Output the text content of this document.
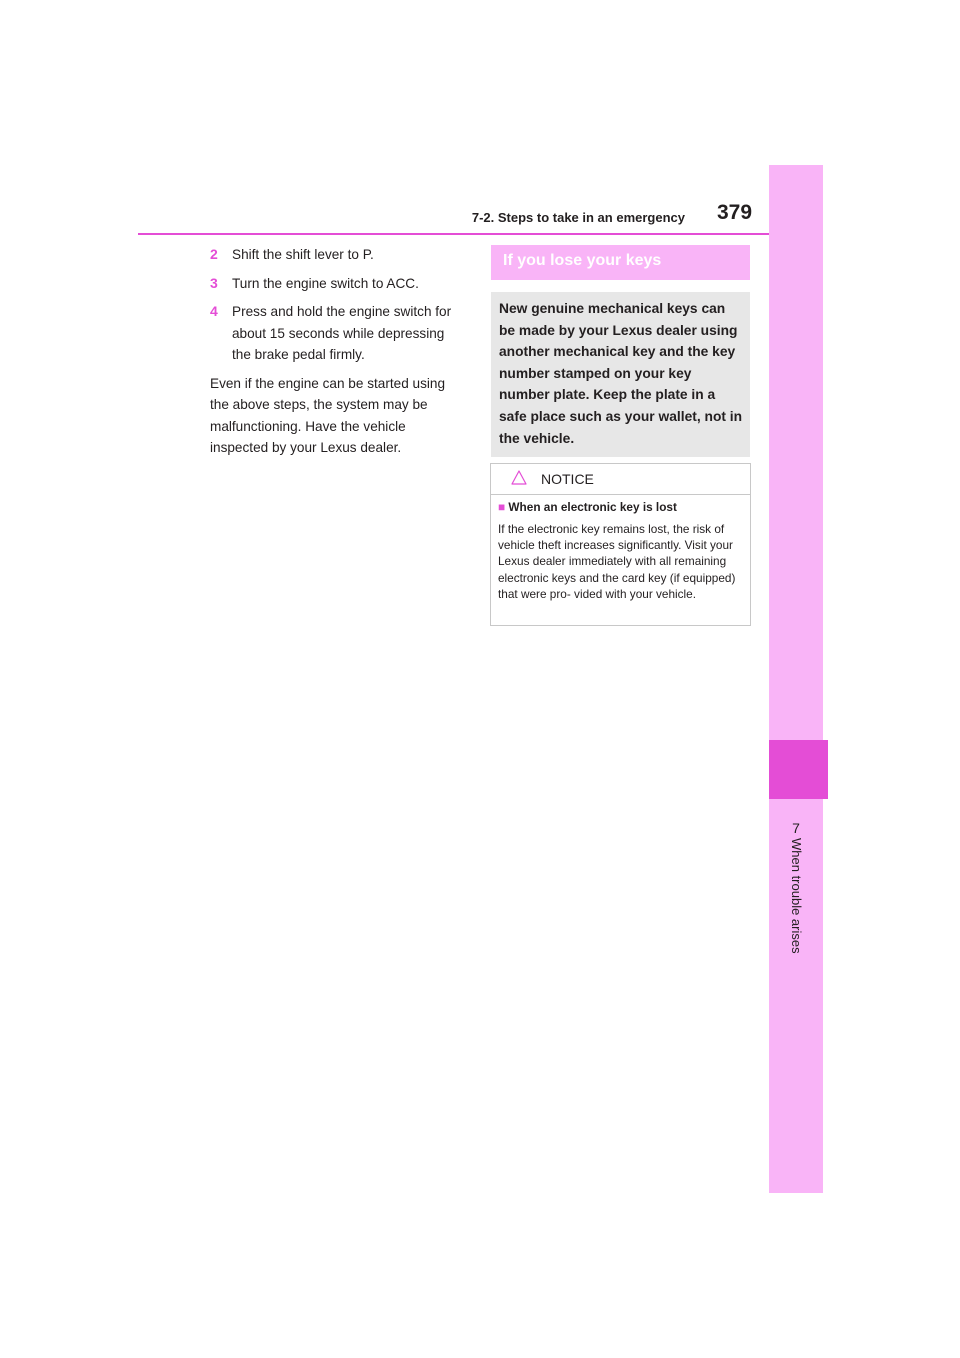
7
When trouble arises
7-2. Steps to take in an emergency 379
2 Shift the shift lever to P.
3 Turn the engine switch to ACC.
4 Press and hold the engine switch for about 15 seconds while depressing the brake pedal firmly.
Even if the engine can be started using the above steps, the system may be malfunctioning. Have the vehicle inspected by your Lexus dealer.
If you lose your keys
New genuine mechanical keys can be made by your Lexus dealer using another mechanical key and the key number stamped on your key number plate. Keep the plate in a safe place such as your wallet, not in the vehicle.
NOTICE
■ When an electronic key is lost
If the electronic key remains lost, the risk of vehicle theft increases significantly. Visit your Lexus dealer immediately with all remaining electronic keys and the card key (if equipped) that were pro- vided with your vehicle.
